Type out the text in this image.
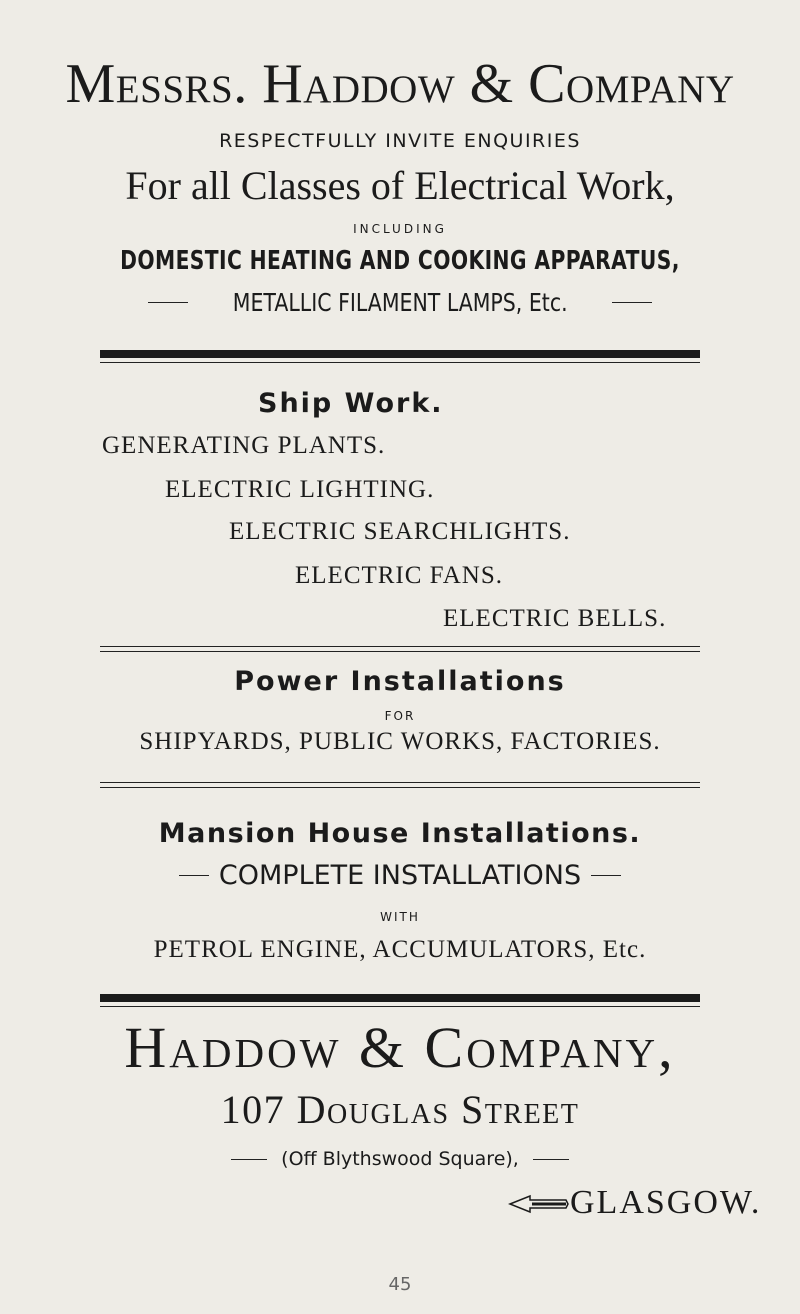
Messrs. Haddow & Company
RESPECTFULLY INVITE ENQUIRIES
For all Classes of Electrical Work,
INCLUDING
DOMESTIC HEATING AND COOKING APPARATUS,
METALLIC FILAMENT LAMPS, Etc.
Ship Work.
GENERATING PLANTS.
ELECTRIC LIGHTING.
ELECTRIC SEARCHLIGHTS.
ELECTRIC FANS.
ELECTRIC BELLS.
Power Installations
FOR
SHIPYARDS, PUBLIC WORKS, FACTORIES.
Mansion House Installations.
COMPLETE INSTALLATIONS
WITH
PETROL ENGINE, ACCUMULATORS, Etc.
Haddow & Company,
107 Douglas Street
(Off Blythswood Square),
GLASGOW.
45
